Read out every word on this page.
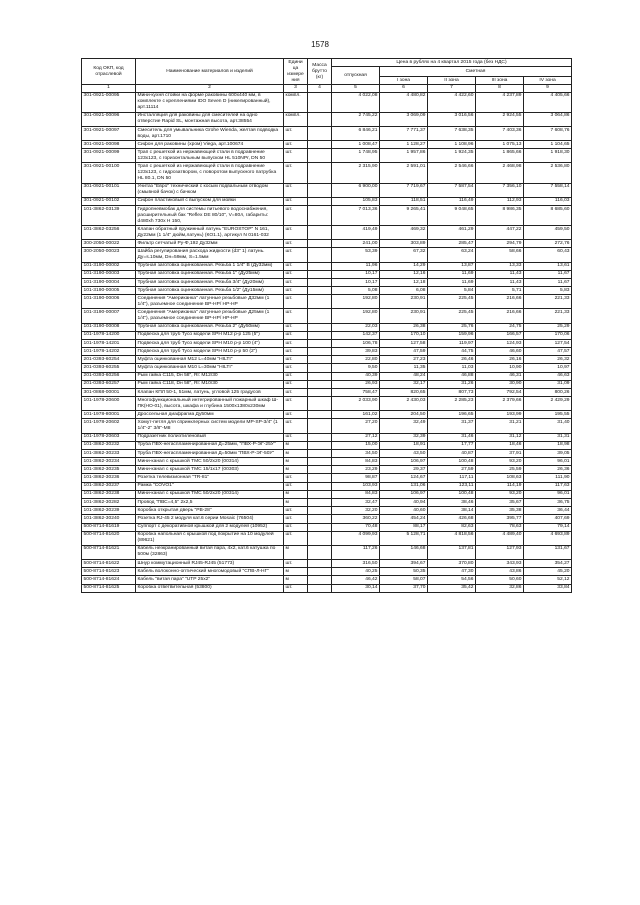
1578
Код ОКП, код отраслевой	Наименование материалов и изделий	Едини ца измере ния	Масса брутто (кг)	Цена в рублях на 4 квартал 2015 года (без НДС)				
				отпускная	Сметная			
					I зона	II зона	III зона	IV зона
1	2	3	4	5	6	7	8	9
301-0921-00095	Мини-кухня стойки на форме раковины 600х440 мм, в комплекте с креплениями IDO Seven D (никелированный), арт.11114	компл.		4 022,08	4 480,82	4 422,60	4 237,89	4 405,66
301-0921-00096	Инсталляция для раковины для смесителей на одно отверстие Rapid SL, монтажная высота, арт.38554	компл.		2 745,22	3 069,09	3 016,56	2 924,55	3 064,86
301-0921-00097	Смеситель для умывальника Grohe Wienda, желтая подводка воды, арт.1710	шт.		6 846,21	7 771,37	7 638,35	7 403,36	7 608,76
301-0921-00098	Сифон для раковины (хром) Viega, арт.100674	шт.		1 008,47	1 128,27	1 108,96	1 075,13	1 104,65
301-0921-00099	Трап с решеткой из нержавеющей стали в подравнение 123х123, с горизонтальным выпуском HL 510NPr, DN 50	шт.		1 748,95	1 957,86	1 924,35	1 865,66	1 918,30
301-0921-00100	Трап с решеткой из нержавеющей стали в подравнение 123х123, с гидрозатвором, с поворотом выпускного патрубка HL 80.1, DN 50	шт.		2 315,90	2 591,01	2 546,66	2 468,98	2 536,80
301-0921-00101	Унитаз "Евро" технический с косым подвальным отводом (смывной бачок) с бачком	шт.		6 900,00	7 719,67	7 587,54	7 356,10	7 558,14
301-0921-00102	Сифон пластиковый с выпуском для мойки	шт.		105,83	118,51	116,49	112,93	116,03
101-3862-03139	Гидропневмобак для системы питьевого водоснабжения, расширительный бак "Reflex DE 80/10", V=80л, габариты: d480хh 730х H 150,	шт.		7 013,36	9 265,41	9 048,65	8 986,35	8 685,60
101-3862-03256	Клапан обратный пружинный латунь "EUROSTOP" N 161, Ду22мм (1 1/4" дюйм,латунь) (КО1.1), артикул N 0161-032	шт.		419,49	469,32	461,29	447,22	459,50
300-2050-00022	Фильтр сетчатый Ру-Ф,192 Ду32мм	шт.		241,00	303,89	285,47	294,79	272,76
300-2050-00023	Шайба регулирования расхода жидкости (d3" 1) латунь. Ду=s.10мм, Dн=59мм, S=1.5мм	шт.		53,39	67,32	63,24	58,66	60,43
101-3190-00002	Трубная заготовка оцинкованная. Резьба 1 1/4" В (Ду32мм)	шт.		11,96	14,29	13,87	13,33	13,61
101-3190-00003	Трубная заготовка оцинкованная. Резьба 1" (Ду25мм)	шт.		10,17	12,16	11,69	11,43	11,67
101-3190-00004	Трубная заготовка оцинкованная. Резьба 3/4" (Ду20мм)	шт.		10,17	12,18	11,69	11,43	11,67
101-3190-00005	Трубная заготовка оцинкованная. Резьба 1/2" (Ду15мм)	шт.		5,08	6,08	5,84	5,71	5,83
101-3190-00006	Соединения "Американка" латунные резьбовые Д32мм (1 1/4"), разъемное соединение ВР-НР/ НР-НР	шт.		192,80	230,91	225,45	216,66	221,33
101-3190-00007	Соединения "Американка" латунные резьбовые Д25мм (1 1/4"), разъемное соединение ВР-НР/ НР-НР	шт.		192,80	230,91	225,45	216,66	221,33
101-3190-00008	Трубная заготовка оцинкованная. Резьба 2" (Ду50мм)	шт.		22,03	26,38	25,76	24,75	25,29
101-1978-14200	Подвеска для труб Tyco модели SPH М12 р-р 125 (5")	шт.		142,37	170,10	159,96	166,57	170,06
101-1978-14201	Подвеска для труб Tyco модели SPH М10 р-р 100 (4")	шт.		106,78	127,58	119,97	124,93	127,54
101-1978-14202	Подвеска для труб Tyco модели SPH М10 р-р 50 (2")	шт.		39,83	47,59	44,75	46,60	47,57
201-0393-60254	Муфта оцинкованная М12 L=40мм "HILTI"	шт.		22,80	27,23	26,46	26,16	26,32
201-0393-60255	Муфта оцинкованная М10 L=30мм "HILTI"	шт.		9,50	11,35	11,03	10,90	10,97
201-0393-60256	Рым гайка С115, Dн 58", Rl: М12/30	шт.		40,39	48,24	46,88	46,31	46,63
201-0393-60257	Рым гайка С118, Dн 58", Rl: М10/30	шт.		26,93	32,17	31,26	30,90	31,09
301-0868-00001	Клапан КПЛ 50-1, 51мм, латунь, угловой 125 градусов	шт.		758,47	820,65	807,73	792,54	800,26
101-1978-20600	Многофункциональный интегрированный пожарный шкаф Ш-ПК(НО-01), высота, шкафа и глубина 1500х1380х230мм	шт.		2 033,90	2 430,03	2 285,23	2 379,66	2 429,29
101-1978-80001	Дроссельная диафрагма Ду50мм	шт.		161,02	204,50	196,65	193,99	195,55
101-1978-20602	Хомут-петля для спринклерных систем модели МР-SP-3/4" (1 1/4"-2" 3/8"-М8	шт.		27,20	32,49	31,37	31,21	31,40
101-1978-20603	Подразетник полиэтиленовый	шт.		27,12	32,39	31,46	31,12	31,31
101-3862-30232	Труба ПВХ-негаспламенированная Д=25мм, "ПВХ-Р-ЭГ-25У"	м		15,00	18,91	17,77	18,46	18,98
101-3862-30233	Труба ПВХ-негаспламенированная Д=50мм "ПВХ-Р-ЭГ-50У"	м		34,50	43,50	40,87	37,91	39,05
101-3862-30234	Мини-канал с крышкой ТМС 50/2х20 (00314)	м		84,83	106,97	100,48	93,20	96,01
101-3862-30235	Мини-канал с крышкой ТМС 15/1х17 (00303)	м		23,29	29,37	27,59	25,59	26,36
101-3862-30236	Розетка телевизионная "ТR-81"	шт.		98,87	124,67	117,11	108,63	111,90
101-3862-30237	Рамка "COVO1"	шт.		103,93	131,06	123,11	114,19	117,63
101-3862-30238	Мини-канал с крышкой ТМС 50/2х20 (00314)	м		84,83	106,97	100,48	93,20	96,01
101-3862-30282	Провод "ПВС=4,5" 2х2,5	м		32,47	40,94	38,46	35,67	36,75
101-3862-30239	Коробка открытая дверь "РВ-28"	шт.		32,20	40,60	38,14	35,38	36,44
101-3862-30240	Розетка RJ-45 2 модуля кат.6 серии Mosaic (76504)	шт.		360,22	454,24	426,68	395,77	407,69
500-8714-81619	Суппорт с декоративной крышкой для 2 модулей (10952)	шт.		70,48	88,17	82,63	78,63	79,14
500-8714-81620	Коробка напольная с крышкой под покрытие на 10 модулей (89621)	шт.		4 099,93	5 128,71	4 818,56	4 489,40	4 693,89
500-8714-81621	Кабель неэкранированный витая пара, 4х2, кат.6 катушка по 500м (32863)	м		117,26	146,68	137,81	127,93	131,67
500-8714-81622	Шнур коммутационный RJ45-RJ45 (51773)	шт.		316,50	394,67	370,80	343,93	354,27
500-8714-81623	Кабель волоконно-оптический многомодовый "СПВ-Л-НГ"	м		40,25	50,35	47,30	43,86	45,20
500-8714-81624	Кабель "витая пара" "UTP 25x2"	м		46,42	58,07	54,56	50,60	52,12
500-8714-81625	Коробка ответвительная (53800)	шт.		30,14	37,70	35,42	32,86	33,84
